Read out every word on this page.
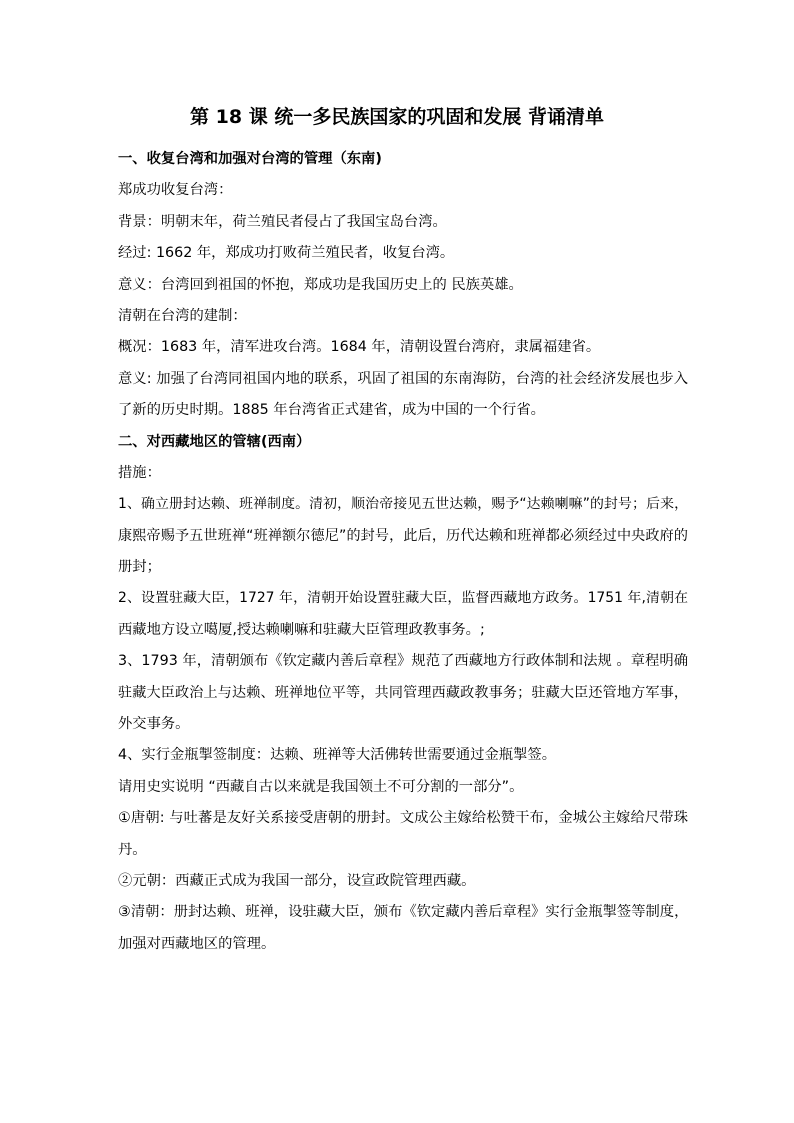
第 18 课 统一多民族国家的巩固和发展 背诵清单

一、收复台湾和加强对台湾的管理（东南)

郑成功收复台湾：

背景：明朝末年，荷兰殖民者侵占了我国宝岛台湾。

经过: 1662 年，郑成功打败荷兰殖民者，收复台湾。

意义：台湾回到祖国的怀抱，郑成功是我国历史上的 民族英雄。

清朝在台湾的建制：

概况：1683 年，清军进攻台湾。1684 年，清朝设置台湾府，隶属福建省。

意义: 加强了台湾同祖国内地的联系，巩固了祖国的东南海防，台湾的社会经济发展也步入

了新的历史时期。1885 年台湾省正式建省，成为中国的一个行省。

二、对西藏地区的管辖(西南）

措施：

1、确立册封达赖、班禅制度。清初，顺治帝接见五世达赖，赐予“达赖喇嘛”的封号；后来，

康熙帝赐予五世班禅“班禅额尔德尼”的封号，此后，历代达赖和班禅都必须经过中央政府的

册封；

2、设置驻藏大臣，1727 年，清朝开始设置驻藏大臣，监督西藏地方政务。1751 年,清朝在

西藏地方设立噶厦,授达赖喇嘛和驻藏大臣管理政教事务。;

3、1793 年，清朝颁布《钦定藏内善后章程》规范了西藏地方行政体制和法规 。章程明确

驻藏大臣政治上与达赖、班禅地位平等，共同管理西藏政教事务；驻藏大臣还管地方军事，

外交事务。

4、实行金瓶掣签制度：达赖、班禅等大活佛转世需要通过金瓶掣签。

请用史实说明 “西藏自古以来就是我国领土不可分割的一部分”。

①唐朝: 与吐蕃是友好关系接受唐朝的册封。文成公主嫁给松赞干布，金城公主嫁给尺带珠

丹。

②元朝：西藏正式成为我国一部分，设宣政院管理西藏。

③清朝：册封达赖、班禅，设驻藏大臣，颁布《钦定藏内善后章程》实行金瓶掣签等制度，

加强对西藏地区的管理。
